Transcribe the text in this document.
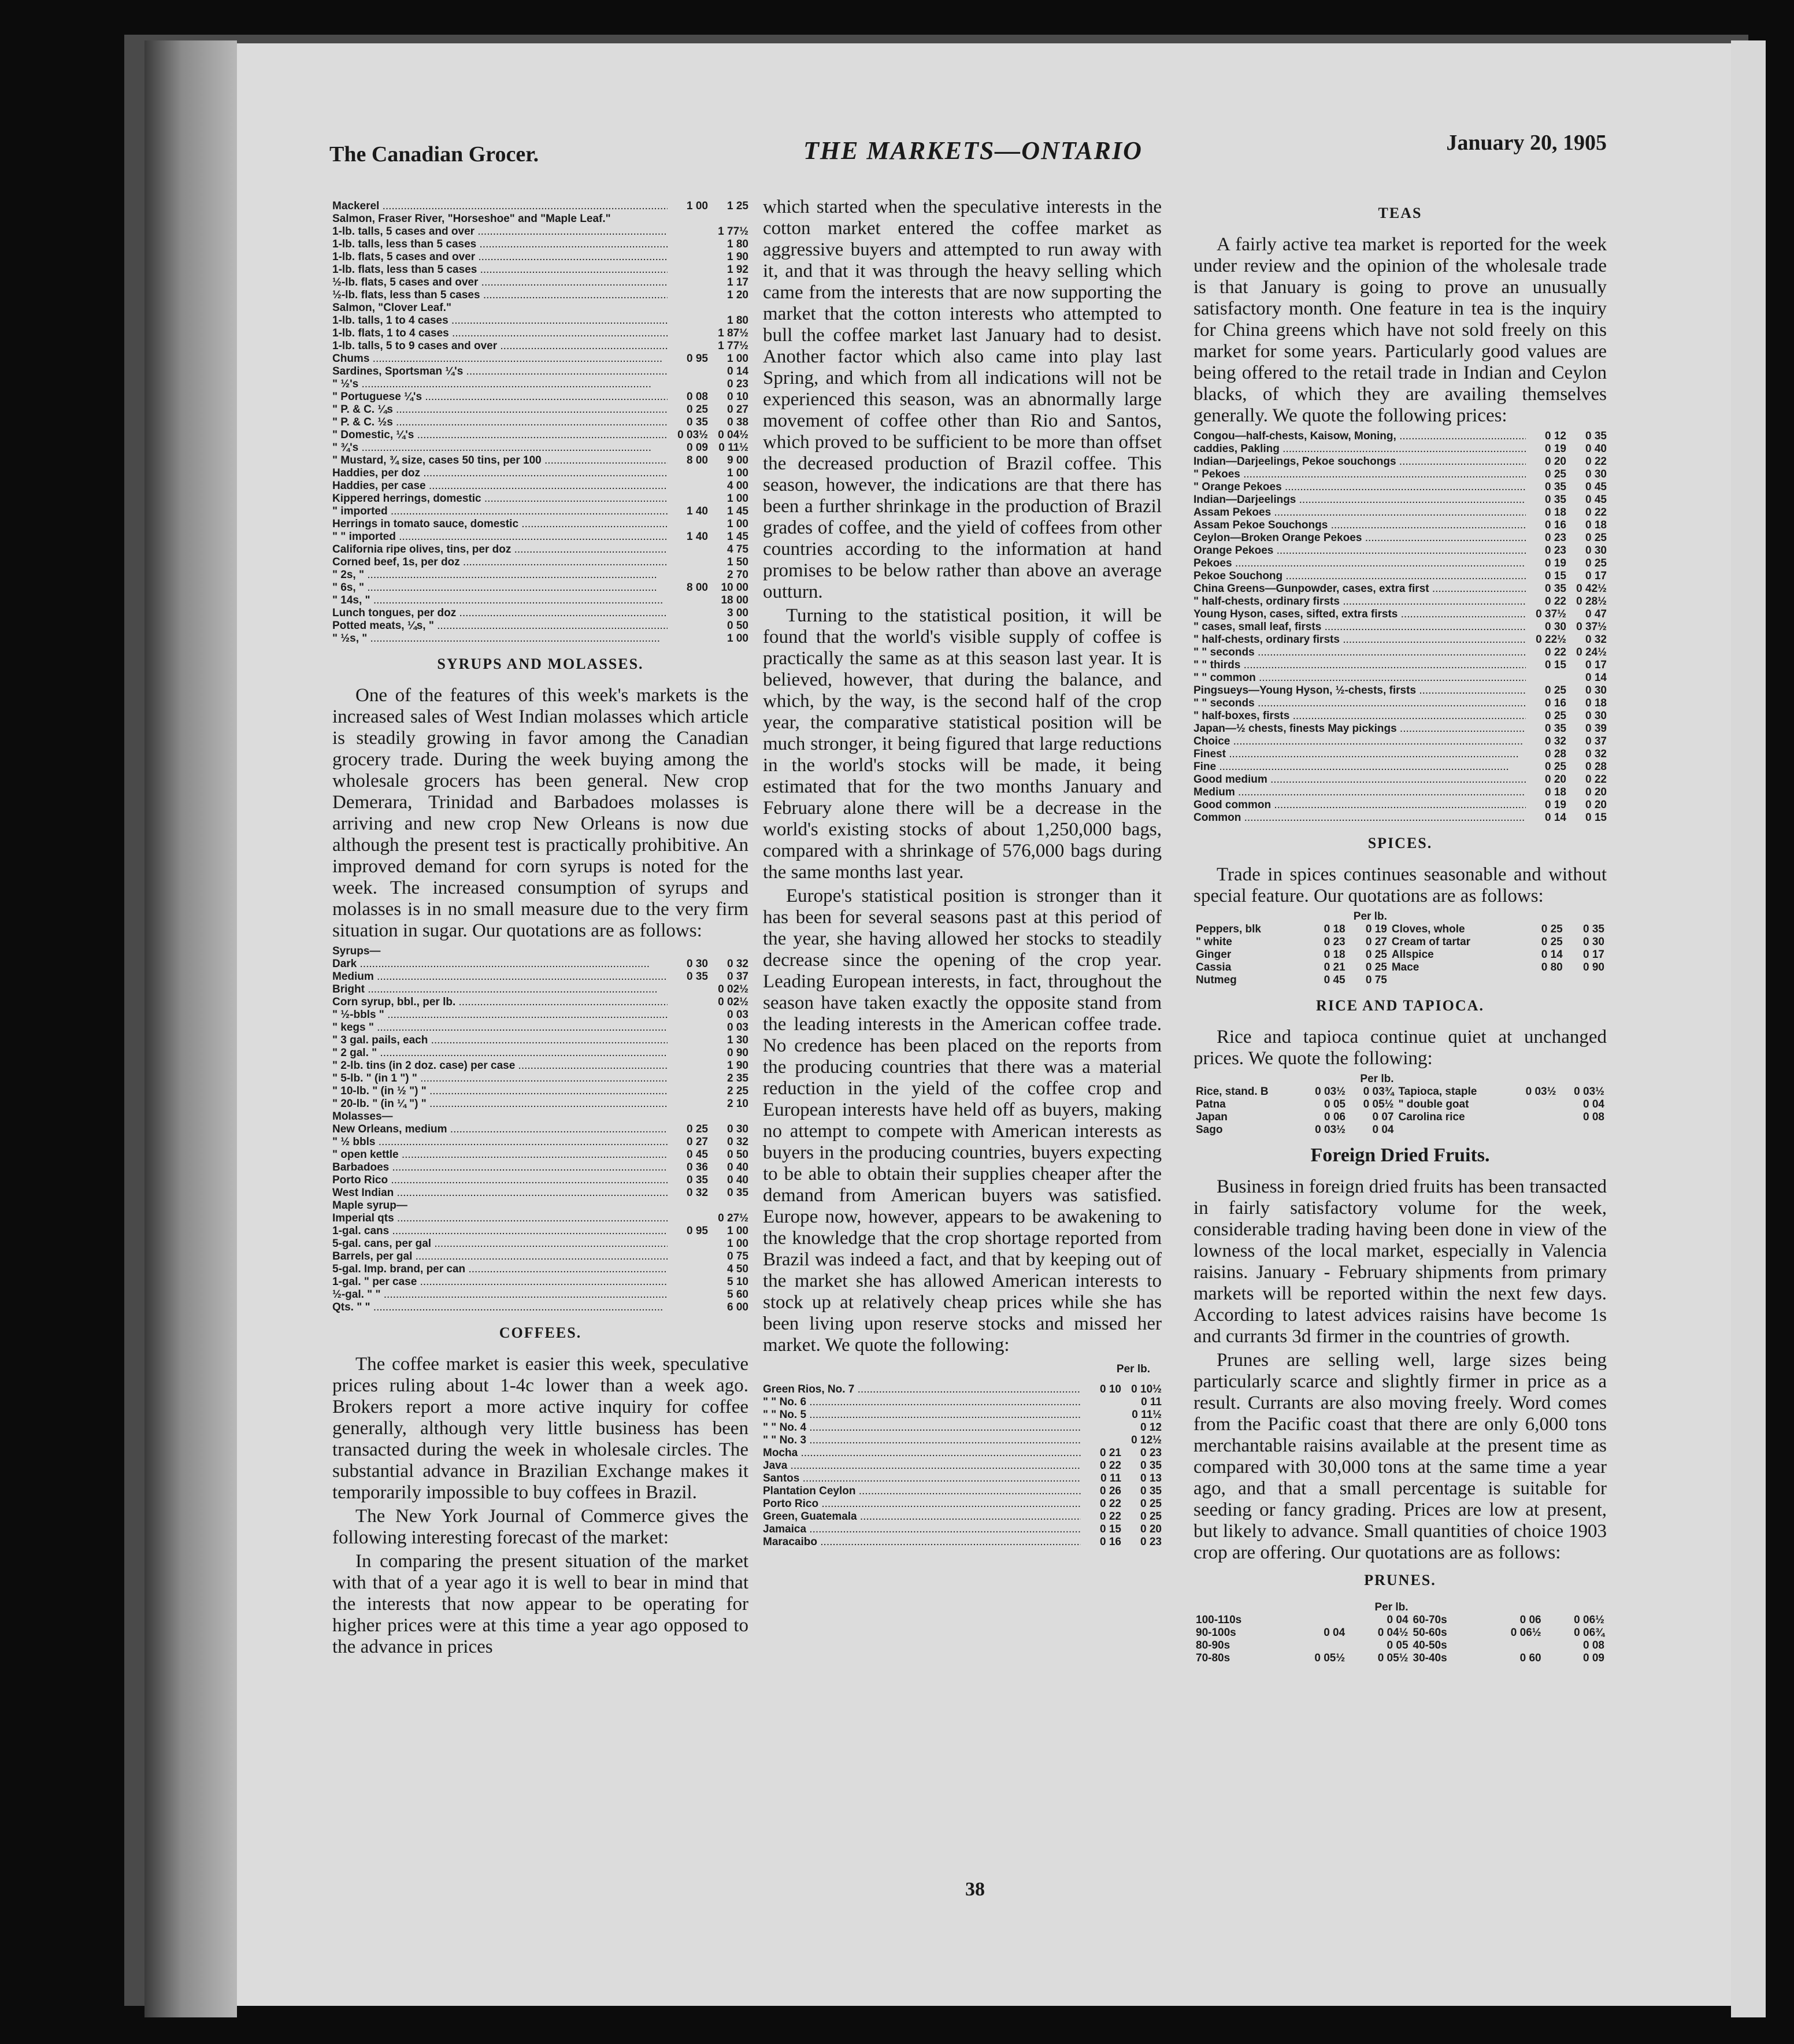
The Canadian Grocer.	THE MARKETS—ONTARIO	January 20, 1905
Mackerel .....	1 00	1 25
Salmon, Fraser River, "Horseshoe" and "Maple Leaf."		
1-lb. talls, 5 cases and over .....		1 77½
1-lb. talls, less than 5 cases .....		1 80
1-lb. flats, 5 cases and over .....		1 90
1-lb. flats, less than 5 cases .....		1 92
½-lb. flats, 5 cases and over .....		1 17
½-lb. flats, less than 5 cases .....		1 20
Salmon, "Clover Leaf."		
1-lb. talls, 1 to 4 cases .....		1 80
1-lb. flats, 1 to 4 cases .....		1 87½
1-lb. talls, 5 to 9 cases and over .....		1 77½
Chums .....	0 95	1 00
Sardines, Sportsman ¼'s .....		0 14
" ½'s .....		0 23
" Portuguese ¼'s .....	0 08	0 10
" P. & C. ¼s .....	0 25	0 27
" P. & C. ½s .....	0 35	0 38
" Domestic, ¼'s .....	0 03½	0 04½
" ¾'s .....	0 09	0 11½
" Mustard, ¾ size, cases 50 tins, per 100 .....	8 00	9 00
Haddies, per doz .....		1 00
Haddies, per case .....		4 00
Kippered herrings, domestic .....		1 00
" imported .....	1 40	1 45
Herrings in tomato sauce, domestic .....		1 00
" " imported .....	1 40	1 45
California ripe olives, tins, per doz .....		4 75
Corned beef, 1s, per doz .....		1 50
" 2s, " .....		2 70
" 6s, " .....	8 00	10 00
" 14s, " .....		18 00
Lunch tongues, per doz .....		3 00
Potted meats, ¼s, " .....		0 50
" ½s, " .....		1 00
SYRUPS AND MOLASSES.

One of the features of this week's markets is the increased sales of West Indian molasses which article is steadily growing in favor among the Canadian grocery trade. During the week buying among the wholesale grocers has been general. New crop Demerara, Trinidad and Barbadoes molasses is arriving and new crop New Orleans is now due although the present test is practically prohibitive. An improved demand for corn syrups is noted for the week. The increased consumption of syrups and molasses is in no small measure due to the very firm situation in sugar. Our quotations are as follows:

Syrups—		
Dark .....	0 30	0 32
Medium .....	0 35	0 37
Bright .....		0 02½
Corn syrup, bbl., per lb. .....		0 02½
" ½-bbls " .....		0 03
" kegs " .....		0 03
" 3 gal. pails, each .....		1 30
" 2 gal. " .....		0 90
" 2-lb. tins (in 2 doz. case) per case .....		1 90
" 5-lb. " (in 1 ") " .....		2 35
" 10-lb. " (in ½ ") " .....		2 25
" 20-lb. " (in ¼ ") " .....		2 10
Molasses—		
New Orleans, medium .....	0 25	0 30
" ½ bbls .....	0 27	0 32
" open kettle .....	0 45	0 50
Barbadoes .....	0 36	0 40
Porto Rico .....	0 35	0 40
West Indian .....	0 32	0 35
Maple syrup—		
Imperial qts .....		0 27½
1-gal. cans .....	0 95	1 00
5-gal. cans, per gal .....		1 00
Barrels, per gal .....		0 75
5-gal. Imp. brand, per can .....		4 50
1-gal. " per case .....		5 10
½-gal. " " .....		5 60
Qts. " " .....		6 00
COFFEES.

The coffee market is easier this week, speculative prices ruling about 1-4c lower than a week ago. Brokers report a more active inquiry for coffee generally, although very little business has been transacted during the week in wholesale circles. The substantial advance in Brazilian Exchange makes it temporarily impossible to buy coffees in Brazil.

The New York Journal of Commerce gives the following interesting forecast of the market:

In comparing the present situation of the market with that of a year ago it is well to bear in mind that the interests that now appear to be operating for higher prices were at this time a year ago opposed to the advance in prices

which started when the speculative interests in the cotton market entered the coffee market as aggressive buyers and attempted to run away with it, and that it was through the heavy selling which came from the interests that are now supporting the market that the cotton interests who attempted to bull the coffee market last January had to desist. Another factor which also came into play last Spring, and which from all indications will not be experienced this season, was an abnormally large movement of coffee other than Rio and Santos, which proved to be sufficient to be more than offset the decreased production of Brazil coffee. This season, however, the indications are that there has been a further shrinkage in the production of Brazil grades of coffee, and the yield of coffees from other countries according to the information at hand promises to be below rather than above an average outturn.

Turning to the statistical position, it will be found that the world's visible supply of coffee is practically the same as at this season last year. It is believed, however, that during the balance, and which, by the way, is the second half of the crop year, the comparative statistical position will be much stronger, it being figured that large reductions in the world's stocks will be made, it being estimated that for the two months January and February alone there will be a decrease in the world's existing stocks of about 1,250,000 bags, compared with a shrinkage of 576,000 bags during the same months last year.

Europe's statistical position is stronger than it has been for several seasons past at this period of the year, she having allowed her stocks to steadily decrease since the opening of the crop year. Leading European interests, in fact, throughout the season have taken exactly the opposite stand from the leading interests in the American coffee trade. No credence has been placed on the reports from the producing countries that there was a material reduction in the yield of the coffee crop and European interests have held off as buyers, making no attempt to compete with American interests as buyers in the producing countries, buyers expecting to be able to obtain their supplies cheaper after the demand from American buyers was satisfied. Europe now, however, appears to be awakening to the knowledge that the crop shortage reported from Brazil was indeed a fact, and that by keeping out of the market she has allowed American interests to stock up at relatively cheap prices while she has been living upon reserve stocks and missed her market. We quote the following:

Per lb.
Green Rios, No. 7 .....	0 10	0 10½
" " No. 6 .....		0 11
" " No. 5 .....		0 11½
" " No. 4 .....		0 12
" " No. 3 .....		0 12½
Mocha .....	0 21	0 23
Java .....	0 22	0 35
Santos .....	0 11	0 13
Plantation Ceylon .....	0 26	0 35
Porto Rico .....	0 22	0 25
Green, Guatemala .....	0 22	0 25
Jamaica .....	0 15	0 20
Maracaibo .....	0 16	0 23
TEAS

A fairly active tea market is reported for the week under review and the opinion of the wholesale trade is that January is going to prove an unusually satisfactory month. One feature in tea is the inquiry for China greens which have not sold freely on this market for some years. Particularly good values are being offered to the retail trade in Indian and Ceylon blacks, of which they are availing themselves generally. We quote the following prices:

Congou—half-chests, Kaisow, Moning, .....	0 12	0 35
caddies, Pakling .....	0 19	0 40
Indian—Darjeelings, Pekoe souchongs .....	0 20	0 22
" Pekoes .....	0 25	0 30
" Orange Pekoes .....	0 35	0 45
Indian—Darjeelings .....	0 35	0 45
Assam Pekoes .....	0 18	0 22
Assam Pekoe Souchongs .....	0 16	0 18
Ceylon—Broken Orange Pekoes .....	0 23	0 25
Orange Pekoes .....	0 23	0 30
Pekoes .....	0 19	0 25
Pekoe Souchong .....	0 15	0 17
China Greens—Gunpowder, cases, extra first .....	0 35	0 42½
" half-chests, ordinary firsts .....	0 22	0 28½
Young Hyson, cases, sifted, extra firsts .....	0 37½	0 47
" cases, small leaf, firsts .....	0 30	0 37½
" half-chests, ordinary firsts .....	0 22½	0 32
" " seconds .....	0 22	0 24½
" " thirds .....	0 15	0 17
" " common .....		0 14
Pingsueys—Young Hyson, ½-chests, firsts .....	0 25	0 30
" " seconds .....	0 16	0 18
" half-boxes, firsts .....	0 25	0 30
Japan—½ chests, finests May pickings .....	0 35	0 39
Choice .....	0 32	0 37
Finest .....	0 28	0 32
Fine .....	0 25	0 28
Good medium .....	0 20	0 22
Medium .....	0 18	0 20
Good common .....	0 19	0 20
Common .....	0 14	0 15
SPICES.

Trade in spices continues seasonable and without special feature. Our quotations are as follows:

Per lb.					
Peppers, blk	0 18	0 19	Cloves, whole	0 25	0 35
" white	0 23	0 27	Cream of tartar	0 25	0 30
Ginger	0 18	0 25	Allspice	0 14	0 17
Cassia	0 21	0 25	Mace	0 80	0 90
Nutmeg	0 45	0 75			
RICE AND TAPIOCA.

Rice and tapioca continue quiet at unchanged prices. We quote the following:

Per lb.					
Rice, stand. B	0 03½	0 03¾	Tapioca, staple	0 03½	0 03½
Patna	0 05	0 05½	" double goat		0 04
Japan	0 06	0 07	Carolina rice		0 08
Sago	0 03½	0 04			
Foreign Dried Fruits.

Business in foreign dried fruits has been transacted in fairly satisfactory volume for the week, considerable trading having been done in view of the lowness of the local market, especially in Valencia raisins. January - February shipments from primary markets will be reported within the next few days. According to latest advices raisins have become 1s and currants 3d firmer in the countries of growth.

Prunes are selling well, large sizes being particularly scarce and slightly firmer in price as a result. Currants are also moving freely. Word comes from the Pacific coast that there are only 6,000 tons merchantable raisins available at the present time as compared with 30,000 tons at the same time a year ago, and that a small percentage is suitable for seeding or fancy grading. Prices are low at present, but likely to advance. Small quantities of choice 1903 crop are offering. Our quotations are as follows:

PRUNES.
Per lb.					
100-110s		0 04	60-70s	0 06	0 06½
90-100s	0 04	0 04½	50-60s	0 06½	0 06¾
80-90s		0 05	40-50s		0 08
70-80s	0 05½	0 05½	30-40s	0 60	0 09
38
